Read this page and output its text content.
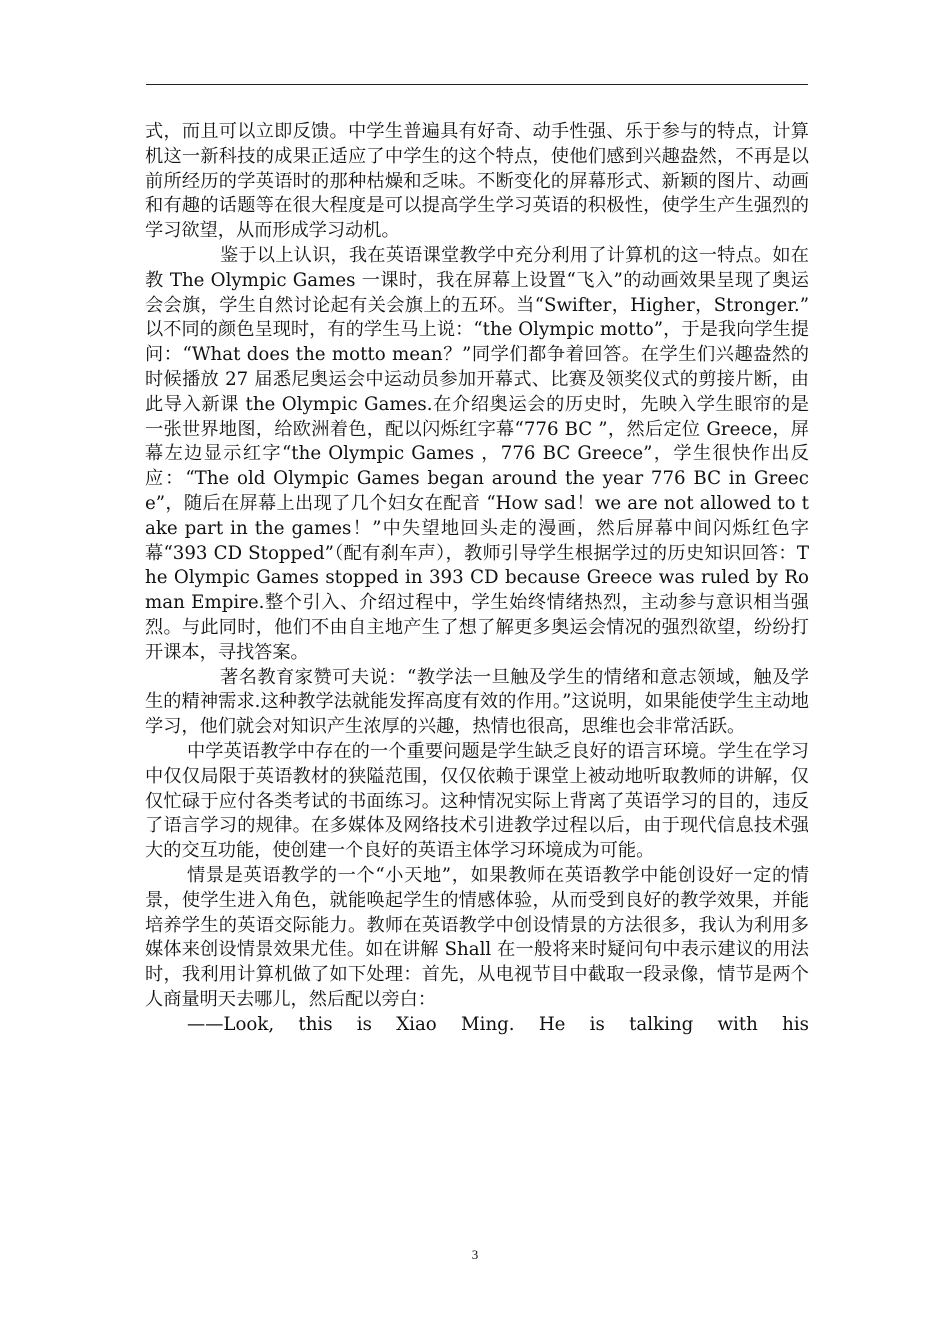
式，而且可以立即反馈。中学生普遍具有好奇、动手性强、乐于参与的特点，计算机这一新科技的成果正适应了中学生的这个特点，使他们感到兴趣盎然，不再是以前所经历的学英语时的那种枯燥和乏味。不断变化的屏幕形式、新颖的图片、动画和有趣的话题等在很大程度是可以提高学生学习英语的积极性，使学生产生强烈的学习欲望，从而形成学习动机。

鉴于以上认识，我在英语课堂教学中充分利用了计算机的这一特点。如在教 The Olympic Games 一课时，我在屏幕上设置“飞入”的动画效果呈现了奥运会会旗，学生自然讨论起有关会旗上的五环。当“Swifter，Higher，Stronger.” 以不同的颜色呈现时，有的学生马上说：“the Olympic motto”，于是我向学生提问：“What does the motto mean？”同学们都争着回答。在学生们兴趣盎然的时候播放 27 届悉尼奥运会中运动员参加开幕式、比赛及领奖仪式的剪接片断，由此导入新课 the Olympic Games.在介绍奥运会的历史时，先映入学生眼帘的是一张世界地图，给欧洲着色，配以闪烁红字幕“776 BC ”，然后定位 Greece，屏幕左边显示红字“the Olympic Games ，776 BC Greece”，学生很快作出反应：“The old Olympic Games began around the year 776 BC in Greece”，随后在屏幕上出现了几个妇女在配音 “How sad！we are not allowed to take part in the games！”中失望地回头走的漫画，然后屏幕中间闪烁红色字幕“393 CD Stopped”（配有刹车声），教师引导学生根据学过的历史知识回答：The Olympic Games stopped in 393 CD because Greece was ruled by Roman Empire.整个引入、介绍过程中，学生始终情绪热烈，主动参与意识相当强烈。与此同时，他们不由自主地产生了想了解更多奥运会情况的强烈欲望，纷纷打开课本，寻找答案。

著名教育家赞可夫说：“教学法一旦触及学生的情绪和意志领域，触及学生的精神需求.这种教学法就能发挥高度有效的作用。”这说明，如果能使学生主动地学习，他们就会对知识产生浓厚的兴趣，热情也很高，思维也会非常活跃。

中学英语教学中存在的一个重要问题是学生缺乏良好的语言环境。学生在学习中仅仅局限于英语教材的狭隘范围，仅仅依赖于课堂上被动地听取教师的讲解，仅仅忙碌于应付各类考试的书面练习。这种情况实际上背离了英语学习的目的，违反了语言学习的规律。在多媒体及网络技术引进教学过程以后，由于现代信息技术强大的交互功能，使创建一个良好的英语主体学习环境成为可能。

情景是英语教学的一个“小天地”，如果教师在英语教学中能创设好一定的情景，使学生进入角色，就能唤起学生的情感体验，从而受到良好的教学效果，并能培养学生的英语交际能力。教师在英语教学中创设情景的方法很多，我认为利用多媒体来创设情景效果尤佳。如在讲解 Shall 在一般将来时疑问句中表示建议的用法时，我利用计算机做了如下处理：首先，从电视节目中截取一段录像，情节是两个人商量明天去哪儿，然后配以旁白：

——Look, this is Xiao Ming. He is talking with his

3
